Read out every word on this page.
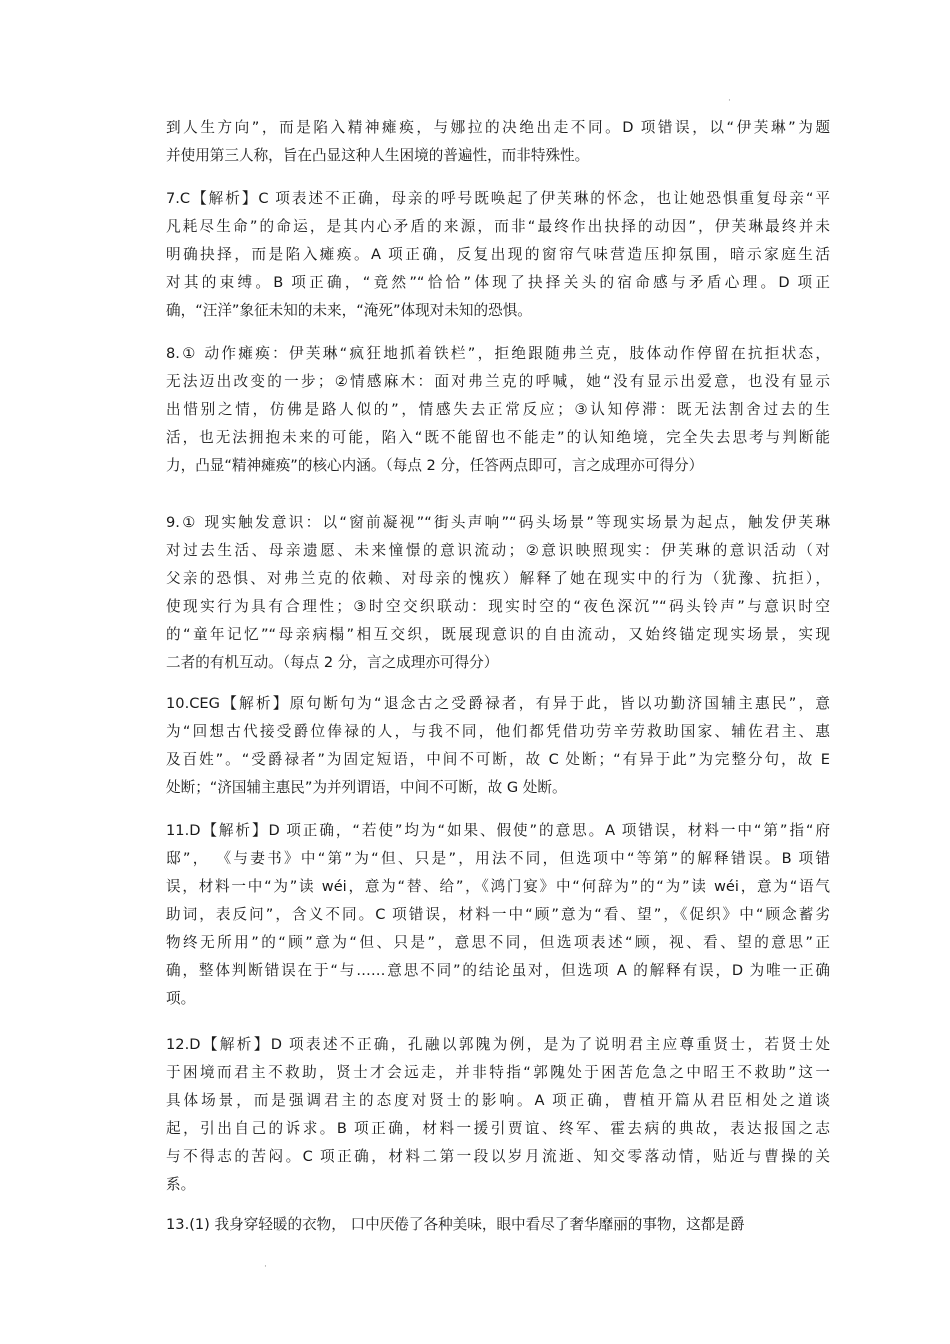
·
到人生方向”，而是陷入精神瘫痪，与娜拉的决绝出走不同。D 项错误，以“伊芙琳”为题
并使用第三人称，旨在凸显这种人生困境的普遍性，而非特殊性。
7.C【解析】C 项表述不正确，母亲的呼号既唤起了伊芙琳的怀念，也让她恐惧重复母亲“平
凡耗尽生命”的命运，是其内心矛盾的来源，而非“最终作出抉择的动因”，伊芙琳最终并未
明确抉择，而是陷入瘫痪。A 项正确，反复出现的窗帘气味营造压抑氛围，暗示家庭生活
对其的束缚。B 项正确，“竟然”“恰恰”体现了抉择关头的宿命感与矛盾心理。D 项正
确，“汪洋”象征未知的未来，“淹死”体现对未知的恐惧。
8.① 动作瘫痪：伊芙琳“疯狂地抓着铁栏”，拒绝跟随弗兰克，肢体动作停留在抗拒状态，
无法迈出改变的一步；②情感麻木：面对弗兰克的呼喊，她“没有显示出爱意，也没有显示
出惜别之情，仿佛是路人似的”，情感失去正常反应；③认知停滞：既无法割舍过去的生
活，也无法拥抱未来的可能，陷入“既不能留也不能走”的认知绝境，完全失去思考与判断能
力，凸显“精神瘫痪”的核心内涵。（每点 2 分，任答两点即可，言之成理亦可得分）
9.① 现实触发意识：以“窗前凝视”“街头声响”“码头场景”等现实场景为起点，触发伊芙琳
对过去生活、母亲遗愿、未来憧憬的意识流动；②意识映照现实：伊芙琳的意识活动（对
父亲的恐惧、对弗兰克的依赖、对母亲的愧疚）解释了她在现实中的行为（犹豫、抗拒），
使现实行为具有合理性；③时空交织联动：现实时空的“夜色深沉”“码头铃声”与意识时空
的“童年记忆”“母亲病榻”相互交织，既展现意识的自由流动，又始终锚定现实场景，实现
二者的有机互动。（每点 2 分，言之成理亦可得分）
10.CEG【解析】原句断句为“退念古之受爵禄者，有异于此，皆以功勤济国辅主惠民”，意
为“回想古代接受爵位俸禄的人，与我不同，他们都凭借功劳辛劳救助国家、辅佐君主、惠
及百姓”。“受爵禄者”为固定短语，中间不可断，故 C 处断；“有异于此”为完整分句，故 E
处断；“济国辅主惠民”为并列谓语，中间不可断，故 G 处断。
11.D【解析】D 项正确，“若使”均为“如果、假使”的意思。A 项错误，材料一中“第”指“府
邸”， 《与妻书》中“第”为“但、只是”，用法不同，但选项中“等第”的解释错误。B 项错
误，材料一中“为”读 wéi，意为“替、给”，《鸿门宴》中“何辞为”的“为”读 wéi，意为“语气
助词，表反问”，含义不同。C 项错误，材料一中“顾”意为“看、望”，《促织》中“顾念蓄劣
物终无所用”的“顾”意为“但、只是”，意思不同，但选项表述“顾，视、看、望的意思”正
确，整体判断错误在于“与……意思不同”的结论虽对，但选项 A 的解释有误，D 为唯一正确
项。
12.D【解析】D 项表述不正确，孔融以郭隗为例，是为了说明君主应尊重贤士，若贤士处
于困境而君主不救助，贤士才会远走，并非特指“郭隗处于困苦危急之中昭王不救助”这一
具体场景，而是强调君主的态度对贤士的影响。A 项正确，曹植开篇从君臣相处之道谈
起，引出自己的诉求。B 项正确，材料一援引贾谊、终军、霍去病的典故，表达报国之志
与不得志的苦闷。C 项正确，材料二第一段以岁月流逝、知交零落动情，贴近与曹操的关
系。
13.(1) 我身穿轻暖的衣物， 口中厌倦了各种美味，眼中看尽了奢华靡丽的事物，这都是爵
·
